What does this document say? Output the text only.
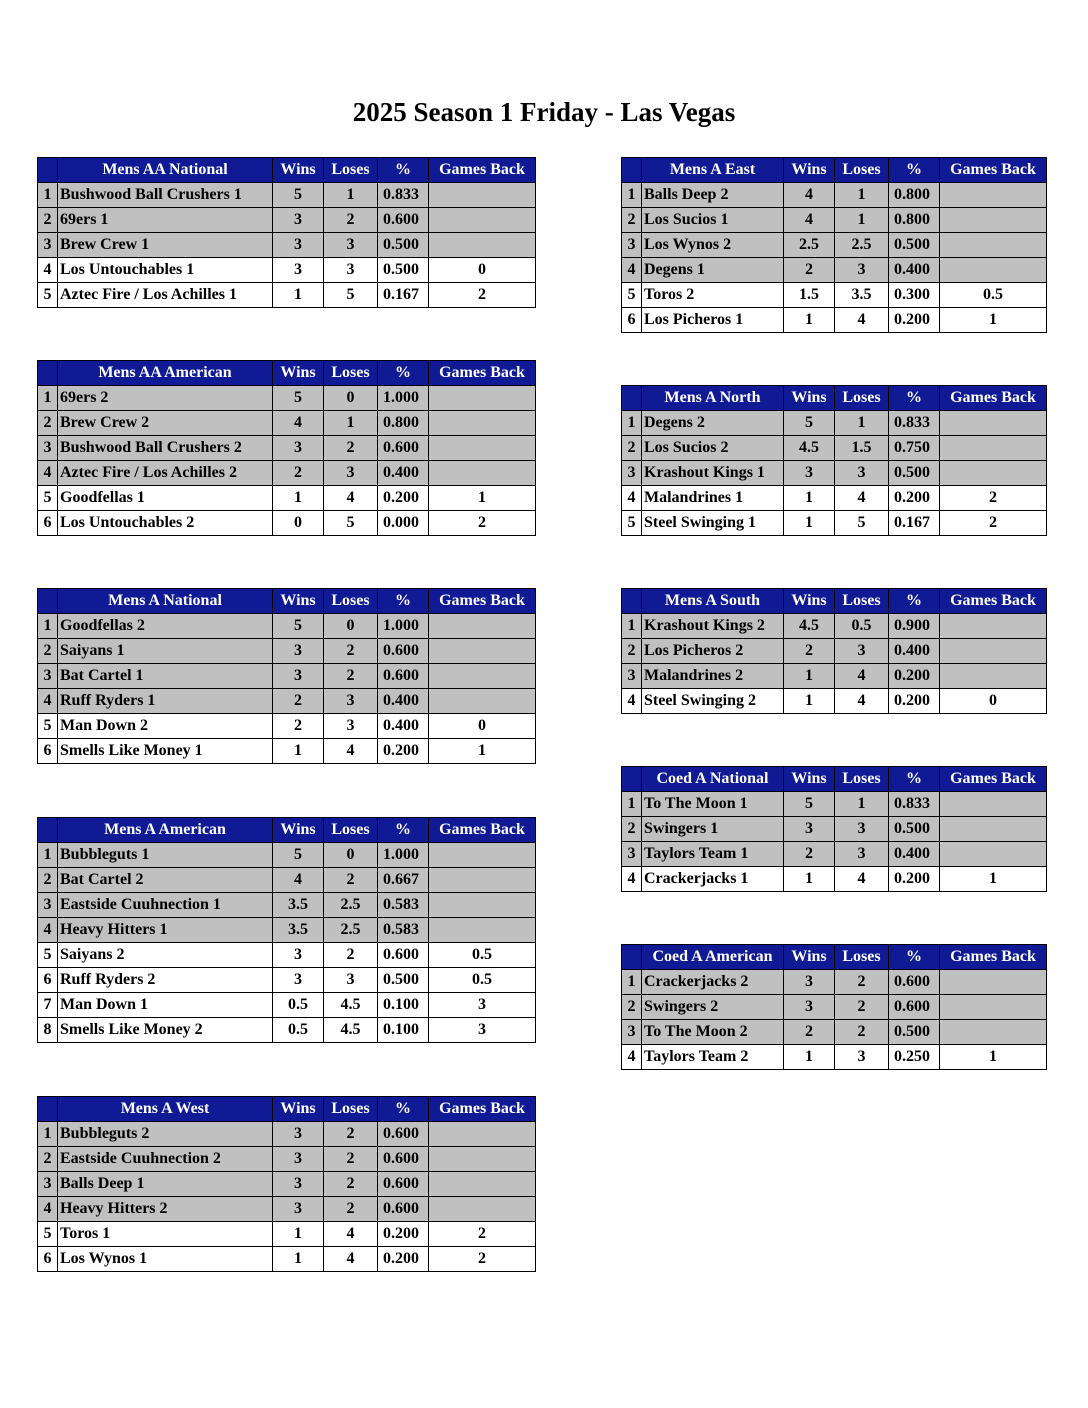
2025 Season 1 Friday - Las Vegas
	Mens AA National	Wins	Loses	%	Games Back
1	Bushwood Ball Crushers 1	5	1	0.833	
2	69ers 1	3	2	0.600	
3	Brew Crew 1	3	3	0.500	
4	Los Untouchables 1	3	3	0.500	0
5	Aztec Fire / Los Achilles 1	1	5	0.167	2
	Mens AA American	Wins	Loses	%	Games Back
1	69ers 2	5	0	1.000	
2	Brew Crew 2	4	1	0.800	
3	Bushwood Ball Crushers 2	3	2	0.600	
4	Aztec Fire / Los Achilles 2	2	3	0.400	
5	Goodfellas 1	1	4	0.200	1
6	Los Untouchables 2	0	5	0.000	2
	Mens A National	Wins	Loses	%	Games Back
1	Goodfellas 2	5	0	1.000	
2	Saiyans 1	3	2	0.600	
3	Bat Cartel 1	3	2	0.600	
4	Ruff Ryders 1	2	3	0.400	
5	Man Down 2	2	3	0.400	0
6	Smells Like Money 1	1	4	0.200	1
	Mens A American	Wins	Loses	%	Games Back
1	Bubbleguts 1	5	0	1.000	
2	Bat Cartel 2	4	2	0.667	
3	Eastside Cuuhnection 1	3.5	2.5	0.583	
4	Heavy Hitters 1	3.5	2.5	0.583	
5	Saiyans 2	3	2	0.600	0.5
6	Ruff Ryders 2	3	3	0.500	0.5
7	Man Down 1	0.5	4.5	0.100	3
8	Smells Like Money 2	0.5	4.5	0.100	3
	Mens A West	Wins	Loses	%	Games Back
1	Bubbleguts 2	3	2	0.600	
2	Eastside Cuuhnection 2	3	2	0.600	
3	Balls Deep 1	3	2	0.600	
4	Heavy Hitters 2	3	2	0.600	
5	Toros 1	1	4	0.200	2
6	Los Wynos 1	1	4	0.200	2
	Mens A East	Wins	Loses	%	Games Back
1	Balls Deep 2	4	1	0.800	
2	Los Sucios 1	4	1	0.800	
3	Los Wynos 2	2.5	2.5	0.500	
4	Degens 1	2	3	0.400	
5	Toros 2	1.5	3.5	0.300	0.5
6	Los Picheros 1	1	4	0.200	1
	Mens A North	Wins	Loses	%	Games Back
1	Degens 2	5	1	0.833	
2	Los Sucios 2	4.5	1.5	0.750	
3	Krashout Kings 1	3	3	0.500	
4	Malandrines 1	1	4	0.200	2
5	Steel Swinging 1	1	5	0.167	2
	Mens A South	Wins	Loses	%	Games Back
1	Krashout Kings 2	4.5	0.5	0.900	
2	Los Picheros 2	2	3	0.400	
3	Malandrines 2	1	4	0.200	
4	Steel Swinging 2	1	4	0.200	0
	Coed A National	Wins	Loses	%	Games Back
1	To The Moon 1	5	1	0.833	
2	Swingers 1	3	3	0.500	
3	Taylors Team 1	2	3	0.400	
4	Crackerjacks 1	1	4	0.200	1
	Coed A American	Wins	Loses	%	Games Back
1	Crackerjacks 2	3	2	0.600	
2	Swingers 2	3	2	0.600	
3	To The Moon 2	2	2	0.500	
4	Taylors Team 2	1	3	0.250	1
